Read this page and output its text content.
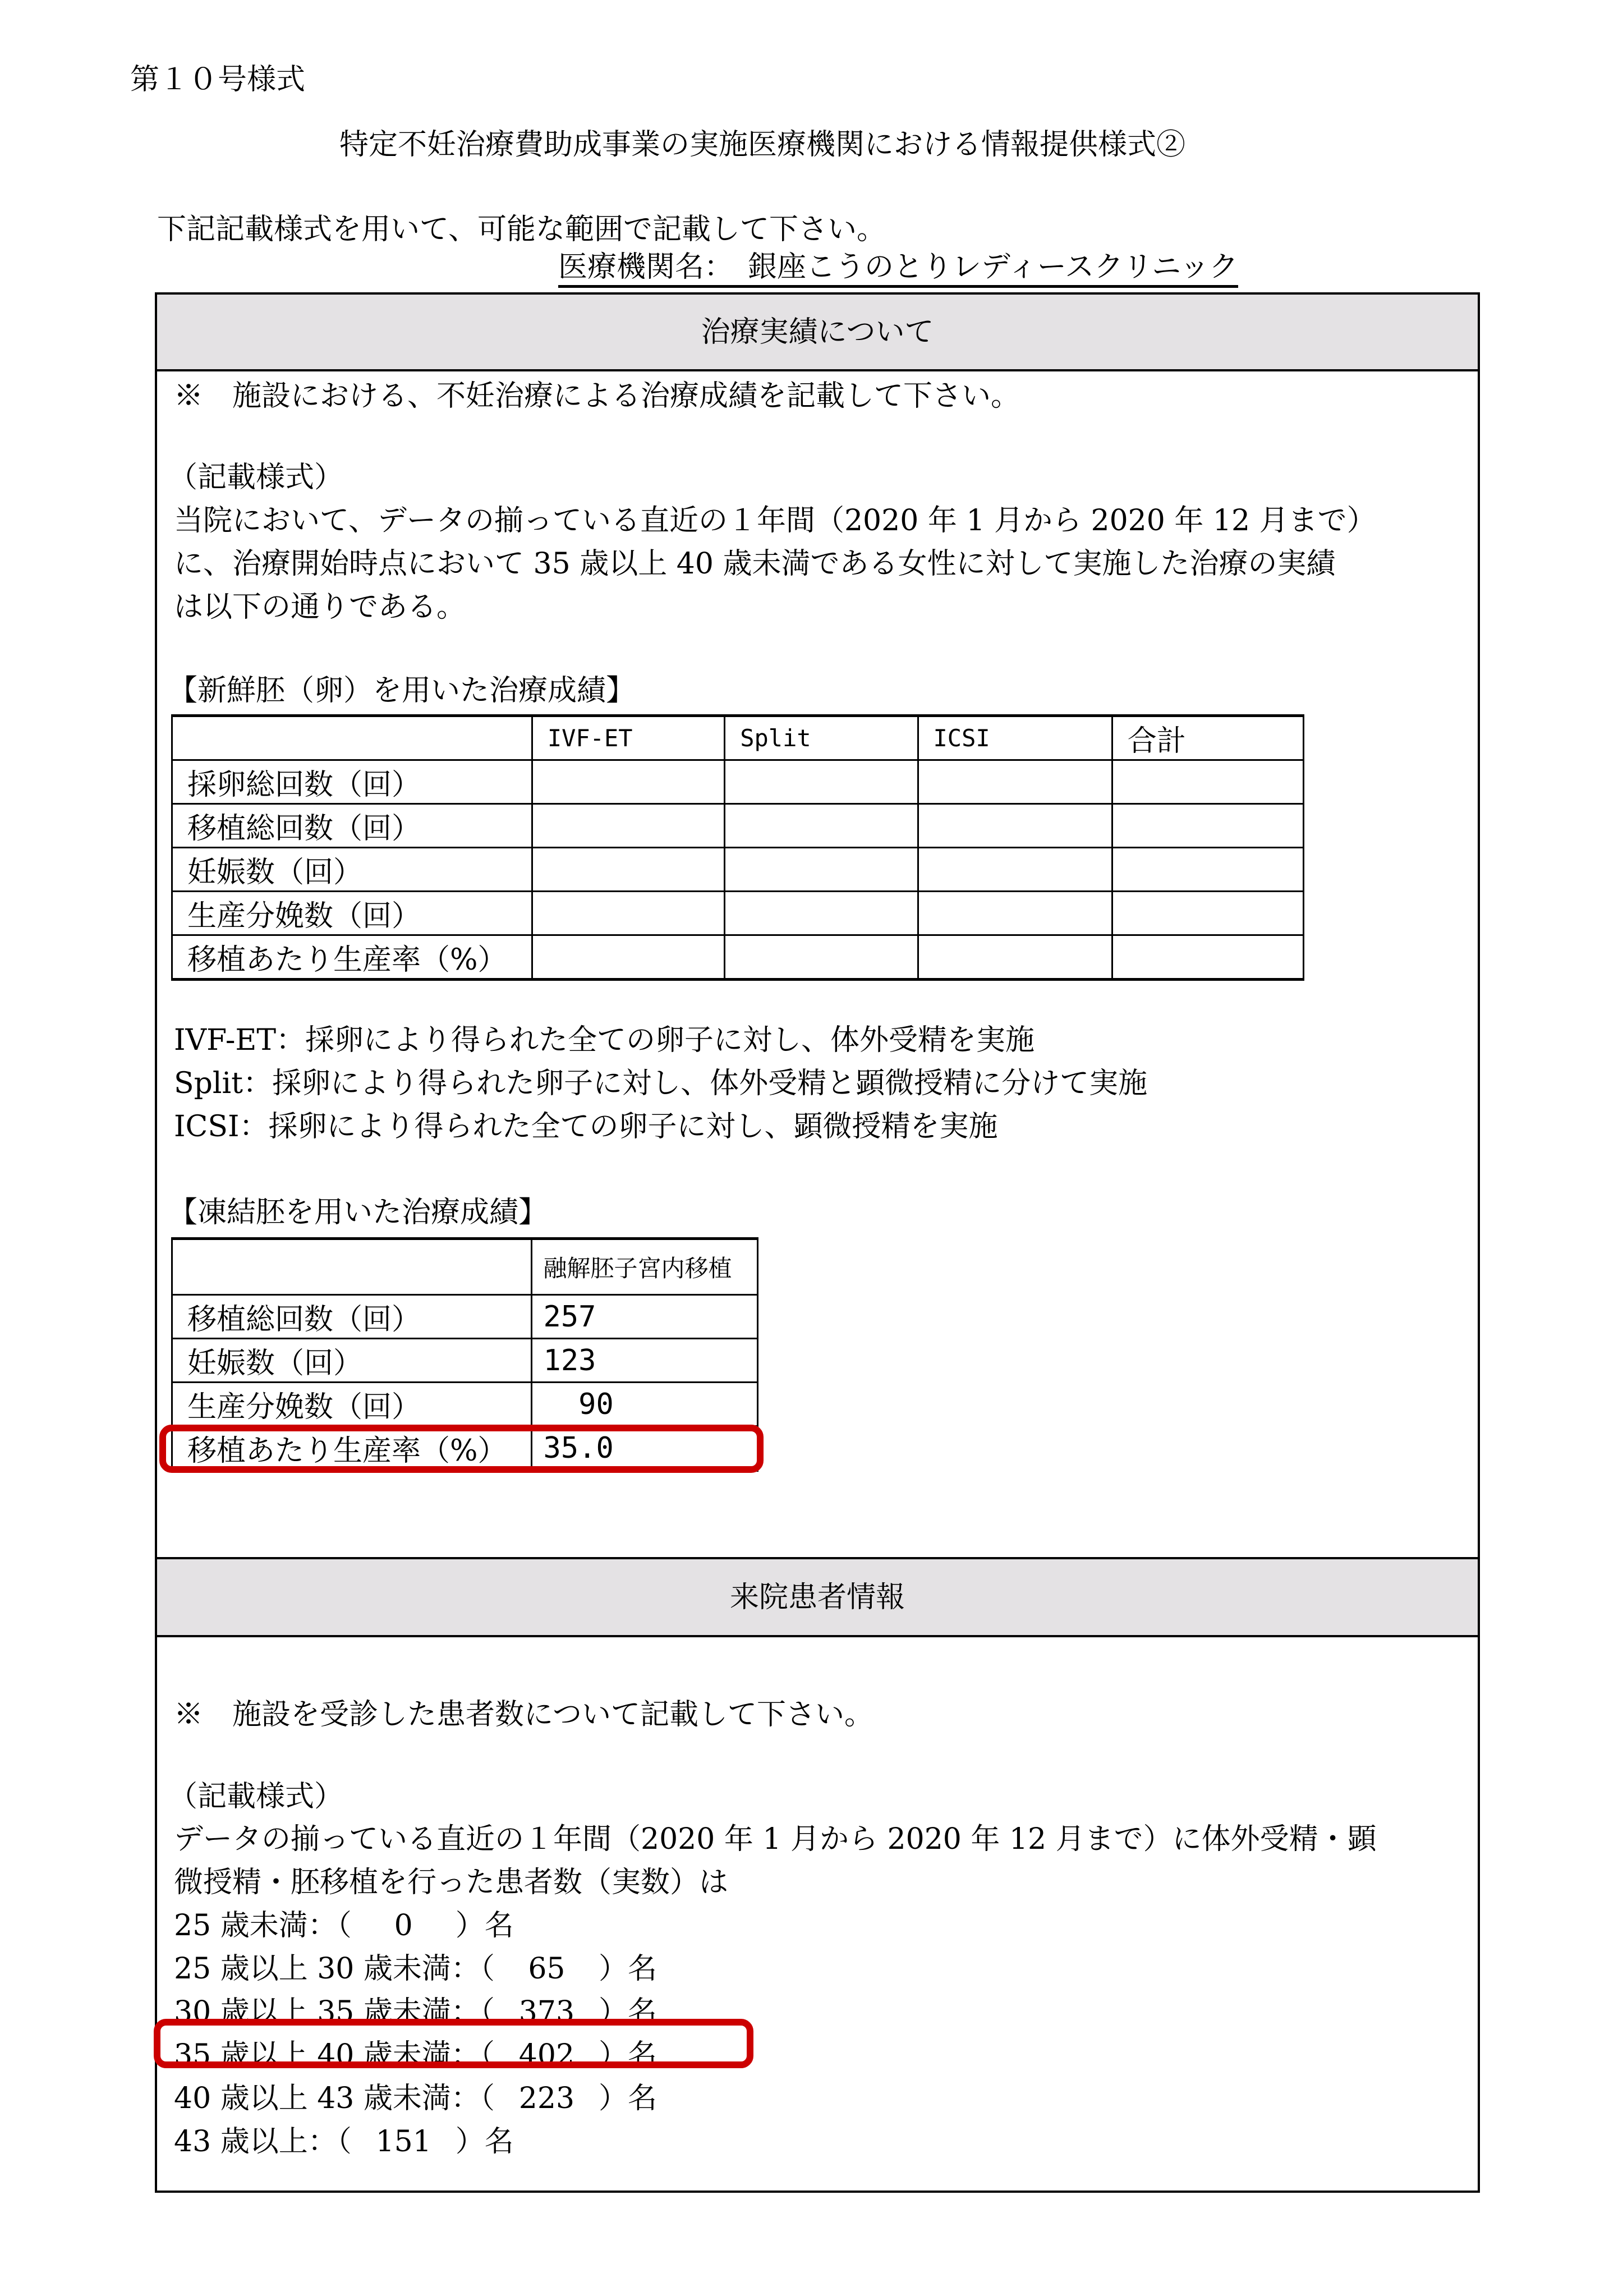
第１０号様式
特定不妊治療費助成事業の実施医療機関における情報提供様式②
下記記載様式を用いて、可能な範囲で記載して下さい。
医療機関名：　 銀座こうのとりレディースクリニック
治療実績について
※　施設における、不妊治療による治療成績を記載して下さい。
（記載様式）
当院において、データの揃っている直近の１年間（2020 年 1 月から 2020 年 12 月まで）
に、治療開始時点において 35 歳以上 40 歳未満である女性に対して実施した治療の実績
は以下の通りである。
【新鮮胚（卵）を用いた治療成績】
	IVF-ET	Split	ICSI	合計
採卵総回数（回）				
移植総回数（回）				
妊娠数（回）				
生産分娩数（回）				
移植あたり生産率（%）				
IVF-ET：採卵により得られた全ての卵子に対し、体外受精を実施
Split：採卵により得られた卵子に対し、体外受精と顕微授精に分けて実施
ICSI：採卵により得られた全ての卵子に対し、顕微授精を実施
【凍結胚を用いた治療成績】
	融解胚子宮内移植
移植総回数（回）	257
妊娠数（回）	123
生産分娩数（回）	90
移植あたり生産率（%）	35.0
来院患者情報
※　施設を受診した患者数について記載して下さい。
（記載様式）
データの揃っている直近の１年間（2020 年 1 月から 2020 年 12 月まで）に体外受精・顕
微授精・胚移植を行った患者数（実数）は
25 歳未満：（ 0 ）名
25 歳以上 30 歳未満：（ 65 ）名
30 歳以上 35 歳未満：（ 373 ）名
35 歳以上 40 歳未満：（ 402 ）名
40 歳以上 43 歳未満：（ 223 ）名
43 歳以上：（ 151 ）名
